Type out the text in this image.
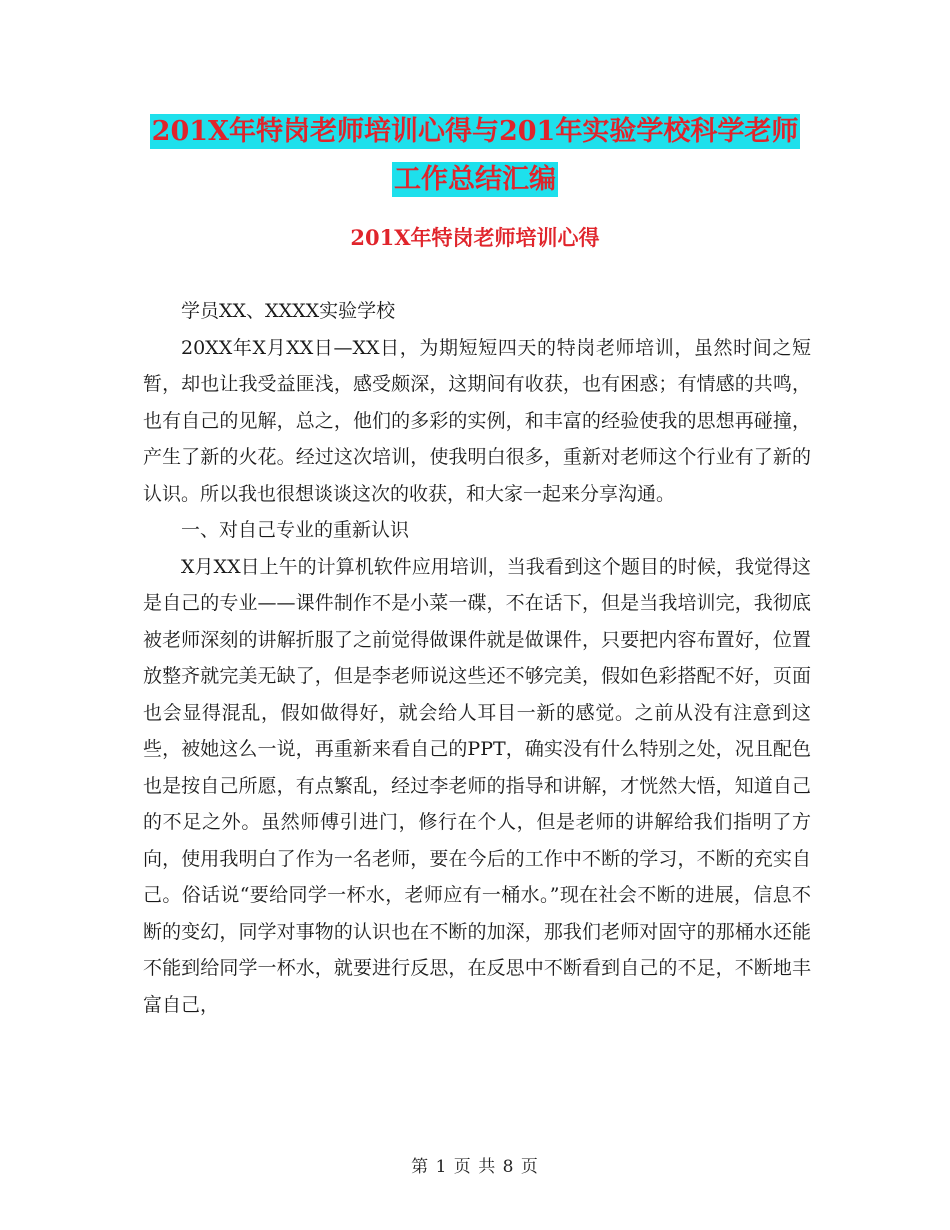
201X年特岗老师培训心得与201年实验学校科学老师
工作总结汇编
201X年特岗老师培训心得

学员XX、XXXX实验学校

20XX年X月XX日—XX日，为期短短四天的特岗老师培训，虽然时间之短暂，却也让我受益匪浅，感受颇深，这期间有收获，也有困惑；有情感的共鸣，也有自己的见解，总之，他们的多彩的实例，和丰富的经验使我的思想再碰撞，产生了新的火花。经过这次培训，使我明白很多，重新对老师这个行业有了新的认识。所以我也很想谈谈这次的收获，和大家一起来分享沟通。

一、对自己专业的重新认识

X月XX日上午的计算机软件应用培训，当我看到这个题目的时候，我觉得这是自己的专业——课件制作不是小菜一碟，不在话下，但是当我培训完，我彻底被老师深刻的讲解折服了之前觉得做课件就是做课件，只要把内容布置好，位置放整齐就完美无缺了，但是李老师说这些还不够完美，假如色彩搭配不好，页面也会显得混乱，假如做得好，就会给人耳目一新的感觉。之前从没有注意到这些，被她这么一说，再重新来看自己的PPT，确实没有什么特别之处，况且配色也是按自己所愿，有点繁乱，经过李老师的指导和讲解，才恍然大悟，知道自己的不足之外。虽然师傅引进门，修行在个人，但是老师的讲解给我们指明了方向，使用我明白了作为一名老师，要在今后的工作中不断的学习，不断的充实自己。俗话说“要给同学一杯水，老师应有一桶水。”现在社会不断的进展，信息不断的变幻，同学对事物的认识也在不断的加深，那我们老师对固守的那桶水还能不能到给同学一杯水，就要进行反思，在反思中不断看到自己的不足，不断地丰富自己，

第 1 页 共 8 页
